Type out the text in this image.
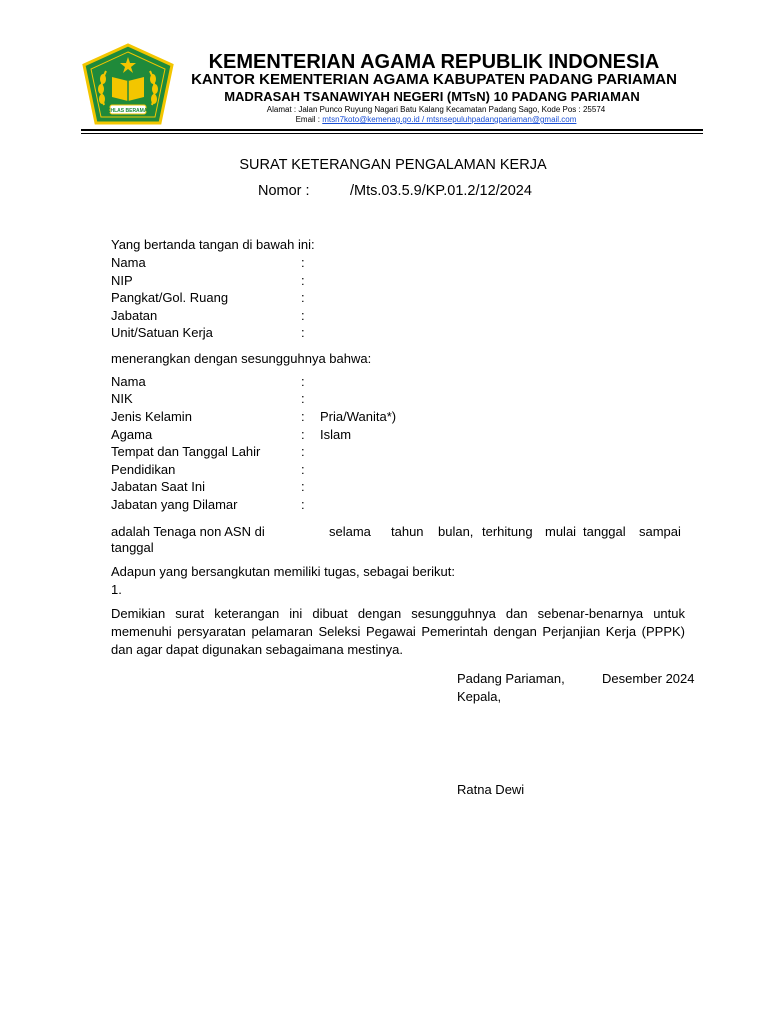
IKHLAS BERAMAL
KEMENTERIAN AGAMA REPUBLIK INDONESIA
KANTOR KEMENTERIAN AGAMA KABUPATEN PADANG PARIAMAN
MADRASAH TSANAWIYAH NEGERI (MTsN) 10 PADANG PARIAMAN
Alamat : Jalan Punco Ruyung Nagari Batu Kalang Kecamatan Padang Sago, Kode Pos : 25574
Email : mtsn7koto@kemenag.go.id / mtsnsepuluhpadangpariaman@gmail.com
SURAT KETERANGAN PENGALAMAN KERJA
Nomor :	/Mts.03.5.9/KP.01.2/12/2024
Yang bertanda tangan di bawah ini:
Nama	:
NIP	:
Pangkat/Gol. Ruang	:
Jabatan	:
Unit/Satuan Kerja	:
menerangkan dengan sesungguhnya bahwa:
Nama	:
NIK	:
Jenis Kelamin	: Pria/Wanita*)
Agama	: Islam
Tempat dan Tanggal Lahir	:
Pendidikan	:
Jabatan Saat Ini	:
Jabatan yang Dilamar	:
adalah Tenaga non ASN di	selama tahun bulan, terhitung mulai tanggal sampai
tanggal
Adapun yang bersangkutan memiliki tugas, sebagai berikut:
1.
Demikian surat keterangan ini dibuat dengan sesungguhnya dan sebenar-benarnya untuk memenuhi persyaratan pelamaran Seleksi Pegawai Pemerintah dengan Perjanjian Kerja (PPPK) dan agar dapat digunakan sebagaimana mestinya.
Padang Pariaman,	Desember 2024
Kepala,
Ratna Dewi
